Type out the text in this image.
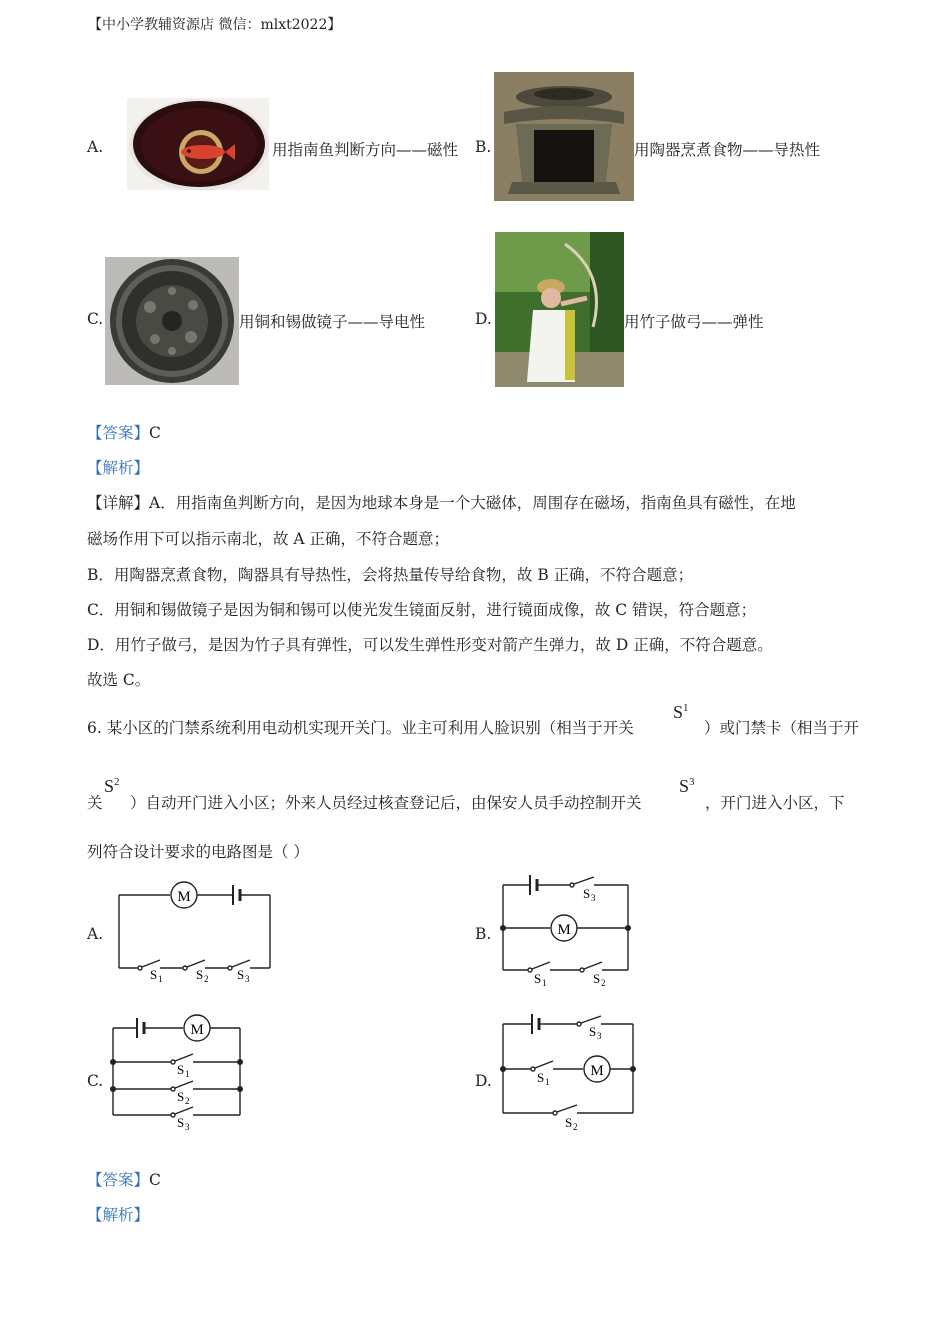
【中小学教辅资源店 微信：mlxt2022】
A.	用指南鱼判断方向——磁性 B.	用陶器烹煮食物——导热性
C.	用铜和锡做镜子——导电性	D.	用竹子做弓——弹性
【答案】C
【解析】
【详解】A．用指南鱼判断方向，是因为地球本身是一个大磁体，周围存在磁场，指南鱼具有磁性，在地
磁场作用下可以指示南北，故 A 正确，不符合题意；
B．用陶器烹煮食物，陶器具有导热性，会将热量传导给食物，故 B 正确，不符合题意；
C．用铜和锡做镜子是因为铜和锡可以使光发生镜面反射，进行镜面成像，故 C 错误，符合题意；
D．用竹子做弓，是因为竹子具有弹性，可以发生弹性形变对箭产生弹力，故 D 正确，不符合题意。
故选 C。
6. 某小区的门禁系统利用电动机实现开关门。业主可利用人脸识别（相当于开关
$S^1$
）或门禁卡（相当于开
关
$S^2$
）自动开门进入小区；外来人员经过核查登记后，由保安人员手动控制开关
$S^3$
，开门进入小区，下
列符合设计要求的电路图是（ ）
A.
M
S 1	S 2 S 3
B.	M
S 3
S 1	S 2
C.
M
S 1
S 2
S 3
D.
M
S 3
S 1
S 2
【答案】C
【解析】
